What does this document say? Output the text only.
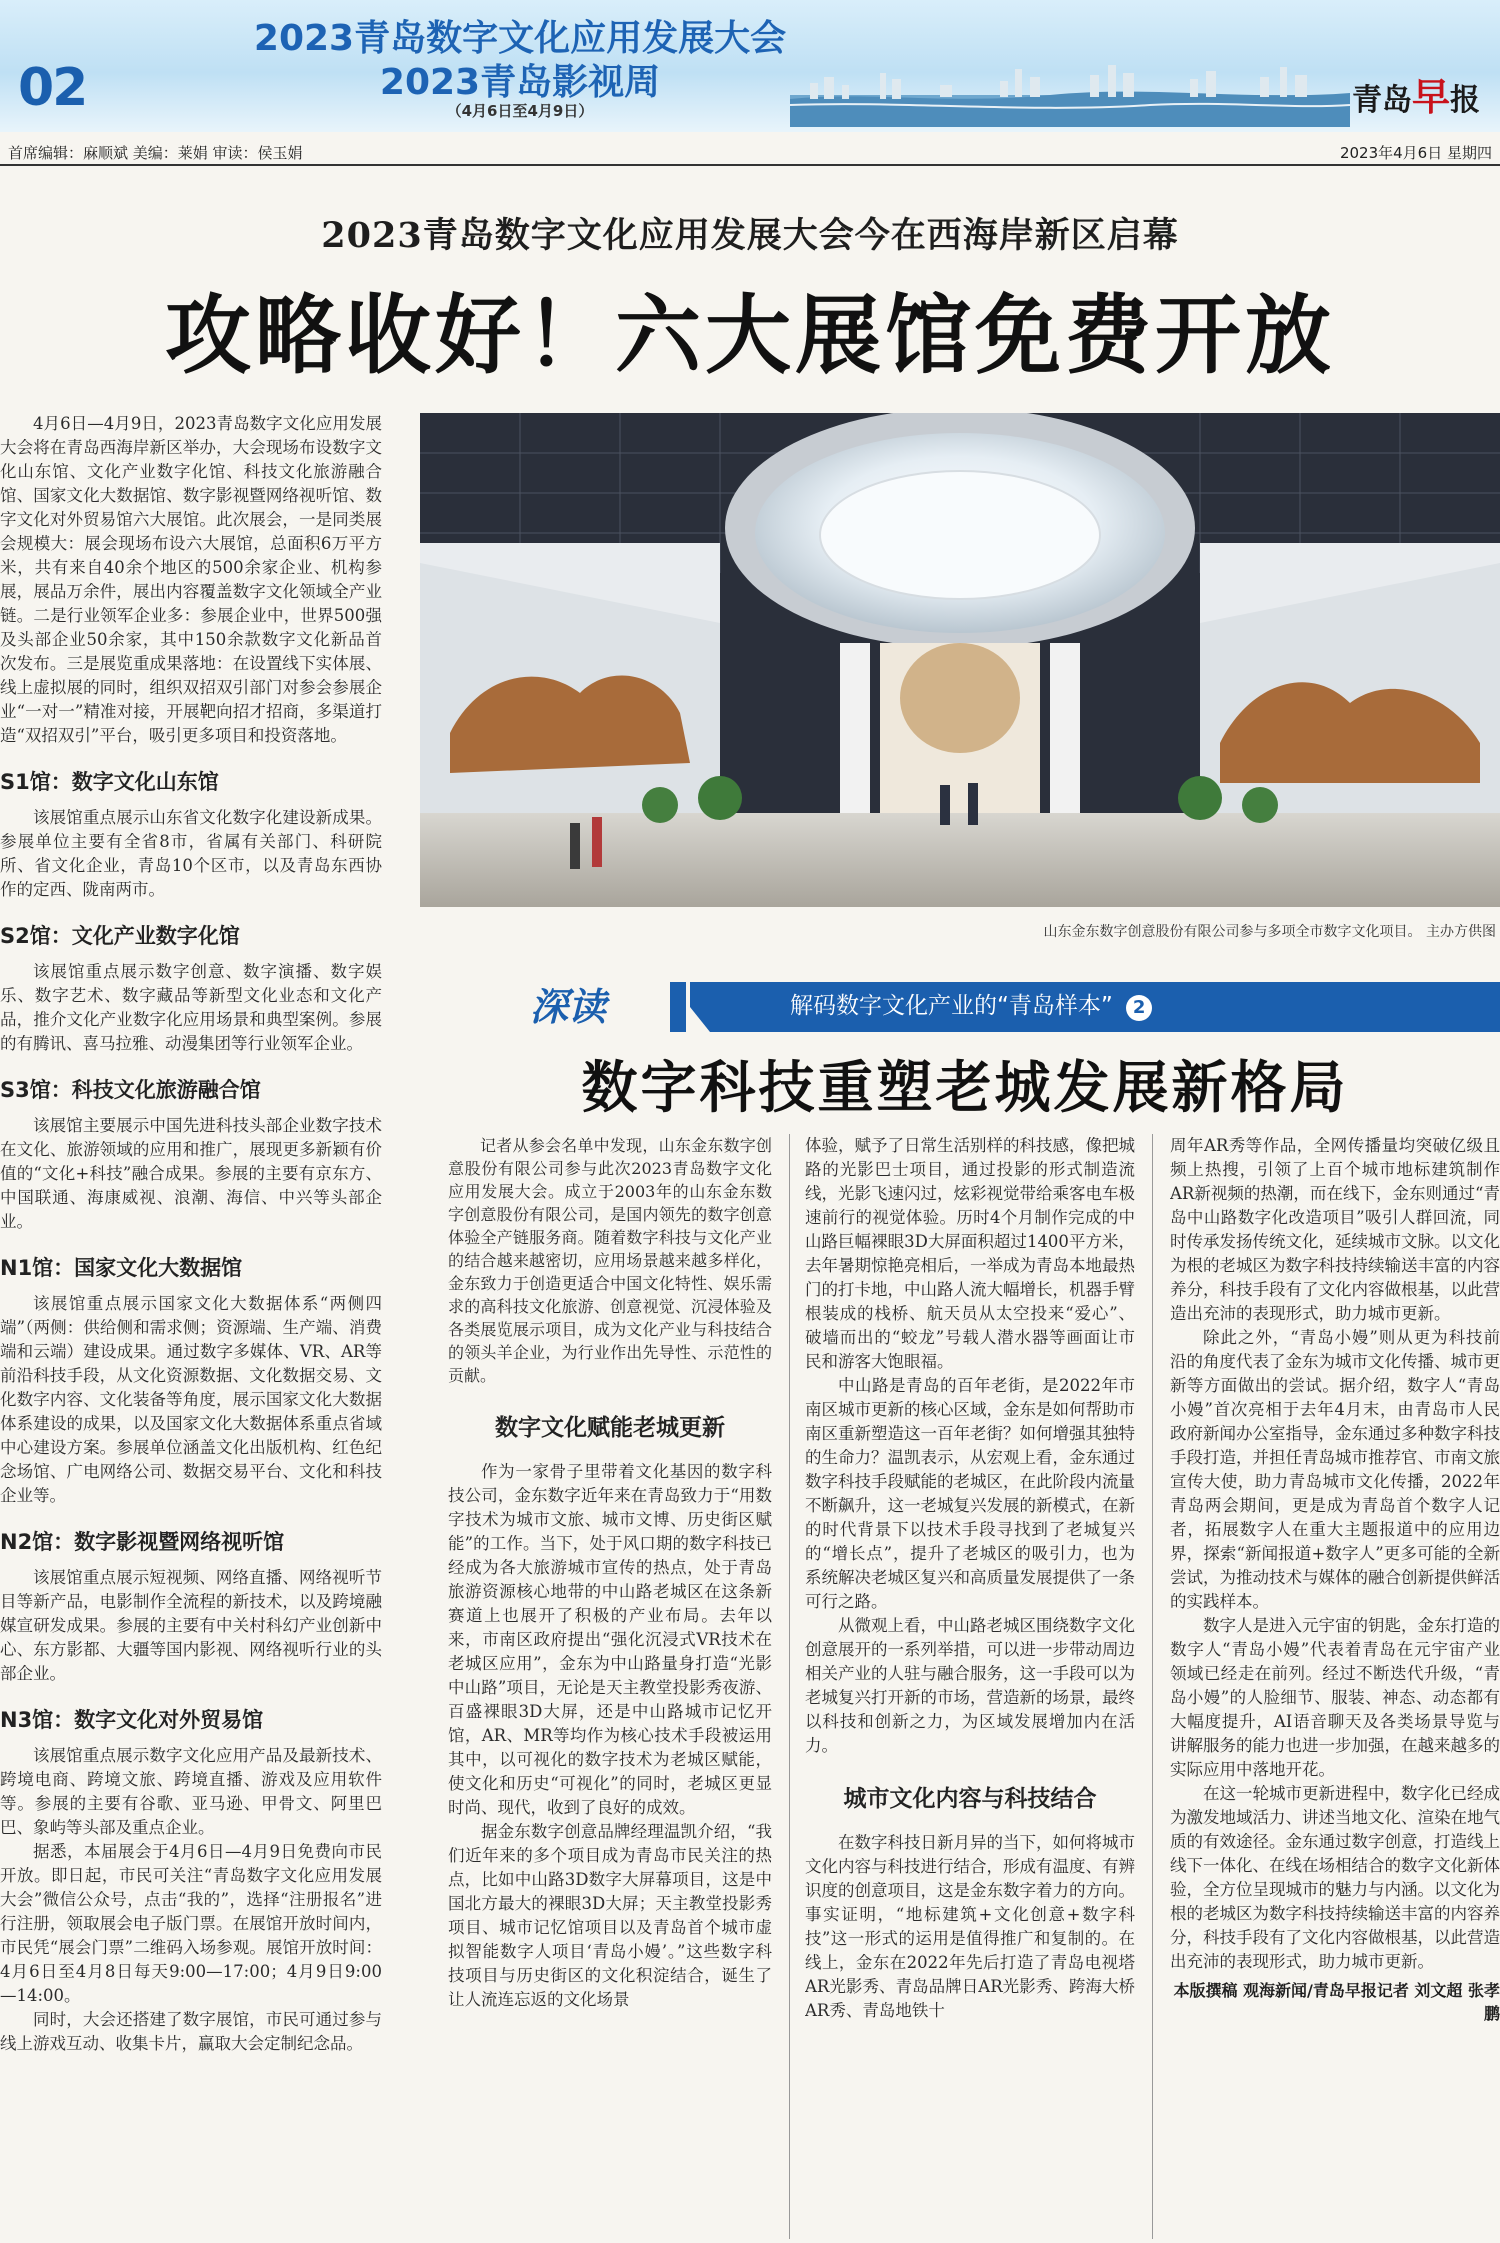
02
2023青岛数字文化应用发展大会
2023青岛影视周
（4月6日至4月9日）	青岛早报
首席编辑：麻顺斌 美编：莱娟 审读：侯玉娟	2023年4月6日 星期四
2023青岛数字文化应用发展大会今在西海岸新区启幕
攻略收好！六大展馆免费开放

4月6日—4月9日，2023青岛数字文化应用发展大会将在青岛西海岸新区举办，大会现场布设数字文化山东馆、文化产业数字化馆、科技文化旅游融合馆、国家文化大数据馆、数字影视暨网络视听馆、数字文化对外贸易馆六大展馆。此次展会，一是同类展会规模大：展会现场布设六大展馆，总面积6万平方米，共有来自40余个地区的500余家企业、机构参展，展品万余件，展出内容覆盖数字文化领域全产业链。二是行业领军企业多：参展企业中，世界500强及头部企业50余家，其中150余款数字文化新品首次发布。三是展览重成果落地：在设置线下实体展、线上虚拟展的同时，组织双招双引部门对参会参展企业“一对一”精准对接，开展靶向招才招商，多渠道打造“双招双引”平台，吸引更多项目和投资落地。

S1馆：数字文化山东馆

该展馆重点展示山东省文化数字化建设新成果。参展单位主要有全省8市，省属有关部门、科研院所、省文化企业，青岛10个区市，以及青岛东西协作的定西、陇南两市。

S2馆：文化产业数字化馆

该展馆重点展示数字创意、数字演播、数字娱乐、数字艺术、数字藏品等新型文化业态和文化产品，推介文化产业数字化应用场景和典型案例。参展的有腾讯、喜马拉雅、动漫集团等行业领军企业。

S3馆：科技文化旅游融合馆

该展馆主要展示中国先进科技头部企业数字技术在文化、旅游领域的应用和推广，展现更多新颖有价值的“文化+科技”融合成果。参展的主要有京东方、中国联通、海康威视、浪潮、海信、中兴等头部企业。

N1馆：国家文化大数据馆

该展馆重点展示国家文化大数据体系“两侧四端”（两侧：供给侧和需求侧；资源端、生产端、消费端和云端）建设成果。通过数字多媒体、VR、AR等前沿科技手段，从文化资源数据、文化数据交易、文化数字内容、文化装备等角度，展示国家文化大数据体系建设的成果，以及国家文化大数据体系重点省域中心建设方案。参展单位涵盖文化出版机构、红色纪念场馆、广电网络公司、数据交易平台、文化和科技企业等。

N2馆：数字影视暨网络视听馆

该展馆重点展示短视频、网络直播、网络视听节目等新产品，电影制作全流程的新技术，以及跨境融媒宣研发成果。参展的主要有中关村科幻产业创新中心、东方影都、大疆等国内影视、网络视听行业的头部企业。

N3馆：数字文化对外贸易馆

该展馆重点展示数字文化应用产品及最新技术、跨境电商、跨境文旅、跨境直播、游戏及应用软件等。参展的主要有谷歌、亚马逊、甲骨文、阿里巴巴、象屿等头部及重点企业。

据悉，本届展会于4月6日—4月9日免费向市民开放。即日起，市民可关注“青岛数字文化应用发展大会”微信公众号，点击“我的”，选择“注册报名”进行注册，领取展会电子版门票。在展馆开放时间内，市民凭“展会门票”二维码入场参观。展馆开放时间：4月6日至4月8日每天9:00—17:00；4月9日9:00—14:00。

同时，大会还搭建了数字展馆，市民可通过参与线上游戏互动、收集卡片，赢取大会定制纪念品。

山东金东数字创意股份有限公司参与多项全市数字文化项目。 主办方供图
深读	解码数字文化产业的“青岛样本” 2
数字科技重塑老城发展新格局

记者从参会名单中发现，山东金东数字创意股份有限公司参与此次2023青岛数字文化应用发展大会。成立于2003年的山东金东数字创意股份有限公司，是国内领先的数字创意体验全产链服务商。随着数字科技与文化产业的结合越来越密切，应用场景越来越多样化，金东致力于创造更适合中国文化特性、娱乐需求的高科技文化旅游、创意视觉、沉浸体验及各类展览展示项目，成为文化产业与科技结合的领头羊企业，为行业作出先导性、示范性的贡献。

数字文化赋能老城更新

作为一家骨子里带着文化基因的数字科技公司，金东数字近年来在青岛致力于“用数字技术为城市文旅、城市文博、历史街区赋能”的工作。当下，处于风口期的数字科技已经成为各大旅游城市宣传的热点，处于青岛旅游资源核心地带的中山路老城区在这条新赛道上也展开了积极的产业布局。去年以来，市南区政府提出“强化沉浸式VR技术在老城区应用”，金东为中山路量身打造“光影中山路”项目，无论是天主教堂投影秀夜游、百盛裸眼3D大屏，还是中山路城市记忆开馆，AR、MR等均作为核心技术手段被运用其中，以可视化的数字技术为老城区赋能，使文化和历史“可视化”的同时，老城区更显时尚、现代，收到了良好的成效。

据金东数字创意品牌经理温凯介绍，“我们近年来的多个项目成为青岛市民关注的热点，比如中山路3D数字大屏幕项目，这是中国北方最大的裸眼3D大屏；天主教堂投影秀项目、城市记忆馆项目以及青岛首个城市虚拟智能数字人项目‘青岛小嫚’。”这些数字科技项目与历史街区的文化积淀结合，诞生了让人流连忘返的文化场景

体验，赋予了日常生活别样的科技感，像把城路的光影巴士项目，通过投影的形式制造流线，光影飞速闪过，炫彩视觉带给乘客电车极速前行的视觉体验。历时4个月制作完成的中山路巨幅裸眼3D大屏面积超过1400平方米，去年暑期惊艳亮相后，一举成为青岛本地最热门的打卡地，中山路人流大幅增长，机器手臂根装成的栈桥、航天员从太空投来“爱心”、破墙而出的“蛟龙”号载人潜水器等画面让市民和游客大饱眼福。

中山路是青岛的百年老街，是2022年市南区城市更新的核心区域，金东是如何帮助市南区重新塑造这一百年老街？如何增强其独特的生命力？温凯表示，从宏观上看，金东通过数字科技手段赋能的老城区，在此阶段内流量不断飙升，这一老城复兴发展的新模式，在新的时代背景下以技术手段寻找到了老城复兴的“增长点”，提升了老城区的吸引力，也为系统解决老城区复兴和高质量发展提供了一条可行之路。

从微观上看，中山路老城区围绕数字文化创意展开的一系列举措，可以进一步带动周边相关产业的人驻与融合服务，这一手段可以为老城复兴打开新的市场，营造新的场景，最终以科技和创新之力，为区域发展增加内在活力。

城市文化内容与科技结合

在数字科技日新月异的当下，如何将城市文化内容与科技进行结合，形成有温度、有辨识度的创意项目，这是金东数字着力的方向。事实证明，“地标建筑+文化创意+数字科技”这一形式的运用是值得推广和复制的。在线上，金东在2022年先后打造了青岛电视塔AR光影秀、青岛品牌日AR光影秀、跨海大桥AR秀、青岛地铁十

周年AR秀等作品，全网传播量均突破亿级且频上热搜，引领了上百个城市地标建筑制作AR新视频的热潮，而在线下，金东则通过“青岛中山路数字化改造项目”吸引人群回流，同时传承发扬传统文化，延续城市文脉。以文化为根的老城区为数字科技持续输送丰富的内容养分，科技手段有了文化内容做根基，以此营造出充沛的表现形式，助力城市更新。

除此之外，“青岛小嫚”则从更为科技前沿的角度代表了金东为城市文化传播、城市更新等方面做出的尝试。据介绍，数字人“青岛小嫚”首次亮相于去年4月末，由青岛市人民政府新闻办公室指导，金东通过多种数字科技手段打造，并担任青岛城市推荐官、市南文旅宣传大使，助力青岛城市文化传播，2022年青岛两会期间，更是成为青岛首个数字人记者，拓展数字人在重大主题报道中的应用边界，探索“新闻报道+数字人”更多可能的全新尝试，为推动技术与媒体的融合创新提供鲜活的实践样本。

数字人是进入元宇宙的钥匙，金东打造的数字人“青岛小嫚”代表着青岛在元宇宙产业领域已经走在前列。经过不断迭代升级，“青岛小嫚”的人脸细节、服装、神态、动态都有大幅度提升，AI语音聊天及各类场景导览与讲解服务的能力也进一步加强，在越来越多的实际应用中落地开花。

在这一轮城市更新进程中，数字化已经成为激发地域活力、讲述当地文化、渲染在地气质的有效途径。金东通过数字创意，打造线上线下一体化、在线在场相结合的数字文化新体验，全方位呈现城市的魅力与内涵。以文化为根的老城区为数字科技持续输送丰富的内容养分，科技手段有了文化内容做根基，以此营造出充沛的表现形式，助力城市更新。

本版撰稿 观海新闻/青岛早报记者 刘文超 张孝鹏
